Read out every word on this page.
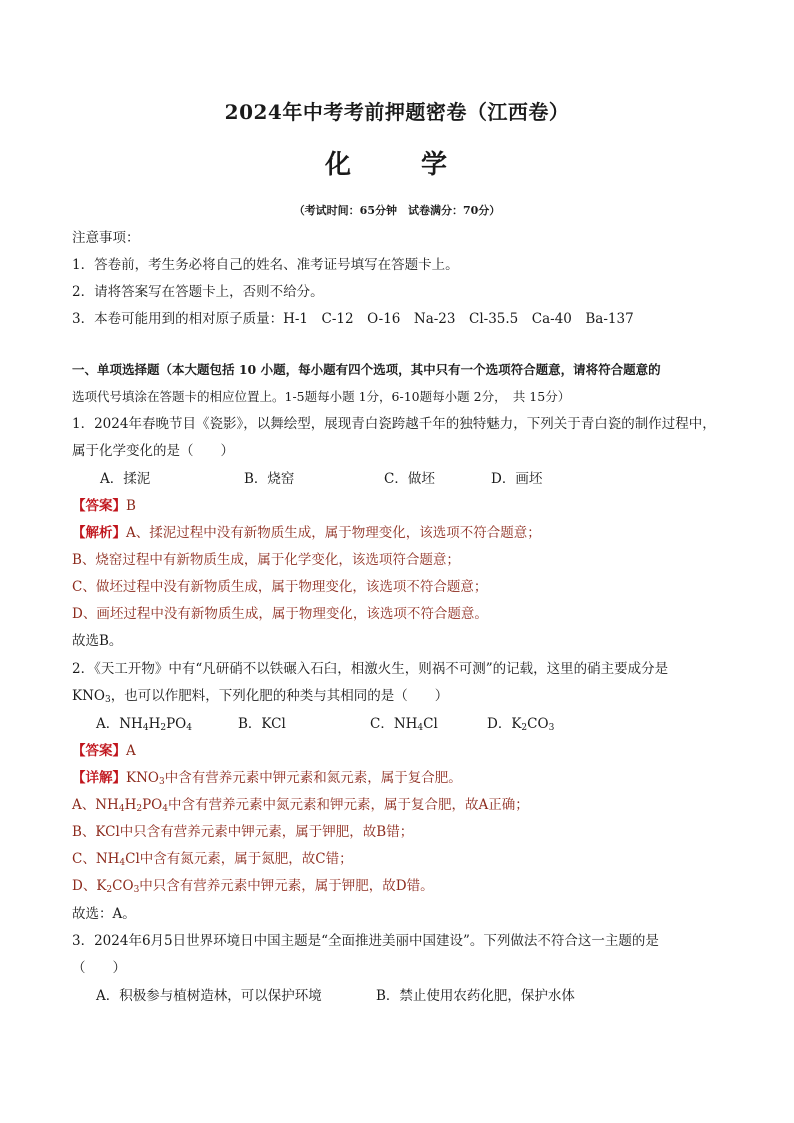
2024年中考考前押题密卷（江西卷）
化　学
（考试时间：65分钟　试卷满分：70分）
注意事项：
1．答卷前，考生务必将自己的姓名、准考证号填写在答题卡上。
2．请将答案写在答题卡上，否则不给分。
3．本卷可能用到的相对原子质量：H-1　C-12　O-16　Na-23　Cl-35.5　Ca-40　Ba-137
一、单项选择题（本大题包括 10 小题，每小题有四个选项，其中只有一个选项符合题意，请将符合题意的
选项代号填涂在答题卡的相应位置上。1-5题每小题 1分，6-10题每小题 2分，　共 15分）
1．2024年春晚节目《瓷影》，以舞绘型，展现青白瓷跨越千年的独特魅力，下列关于青白瓷的制作过程中，
属于化学变化的是（　　）
A．揉泥	B．烧窑	C．做坯	D．画坯
【答案】B
【解析】A、揉泥过程中没有新物质生成，属于物理变化，该选项不符合题意；
B、烧窑过程中有新物质生成，属于化学变化，该选项符合题意；
C、做坯过程中没有新物质生成，属于物理变化，该选项不符合题意；
D、画坯过程中没有新物质生成，属于物理变化，该选项不符合题意。
故选B。
2．《天工开物》中有“凡研硝不以铁碾入石臼，相激火生，则祸不可测”的记载，这里的硝主要成分是
$KNO_3$，也可以作肥料，下列化肥的种类与其相同的是（　　）
A．$NH_4H_2PO_4$	B．KCl	C．$NH_4Cl$	D．$K_2CO_3$
【答案】A
【详解】$KNO_3$中含有营养元素中钾元素和氮元素，属于复合肥。
A、$NH_4H_2PO_4$中含有营养元素中氮元素和钾元素，属于复合肥，故A正确；
B、KCl中只含有营养元素中钾元素，属于钾肥，故B错；
C、$NH_4Cl$中含有氮元素，属于氮肥，故C错；
D、$K_2CO_3$中只含有营养元素中钾元素，属于钾肥，故D错。
故选：A。
3．2024年6月5日世界环境日中国主题是“全面推进美丽中国建设”。下列做法不符合这一主题的是
（　　）
A．积极参与植树造林，可以保护环境	B．禁止使用农药化肥，保护水体
